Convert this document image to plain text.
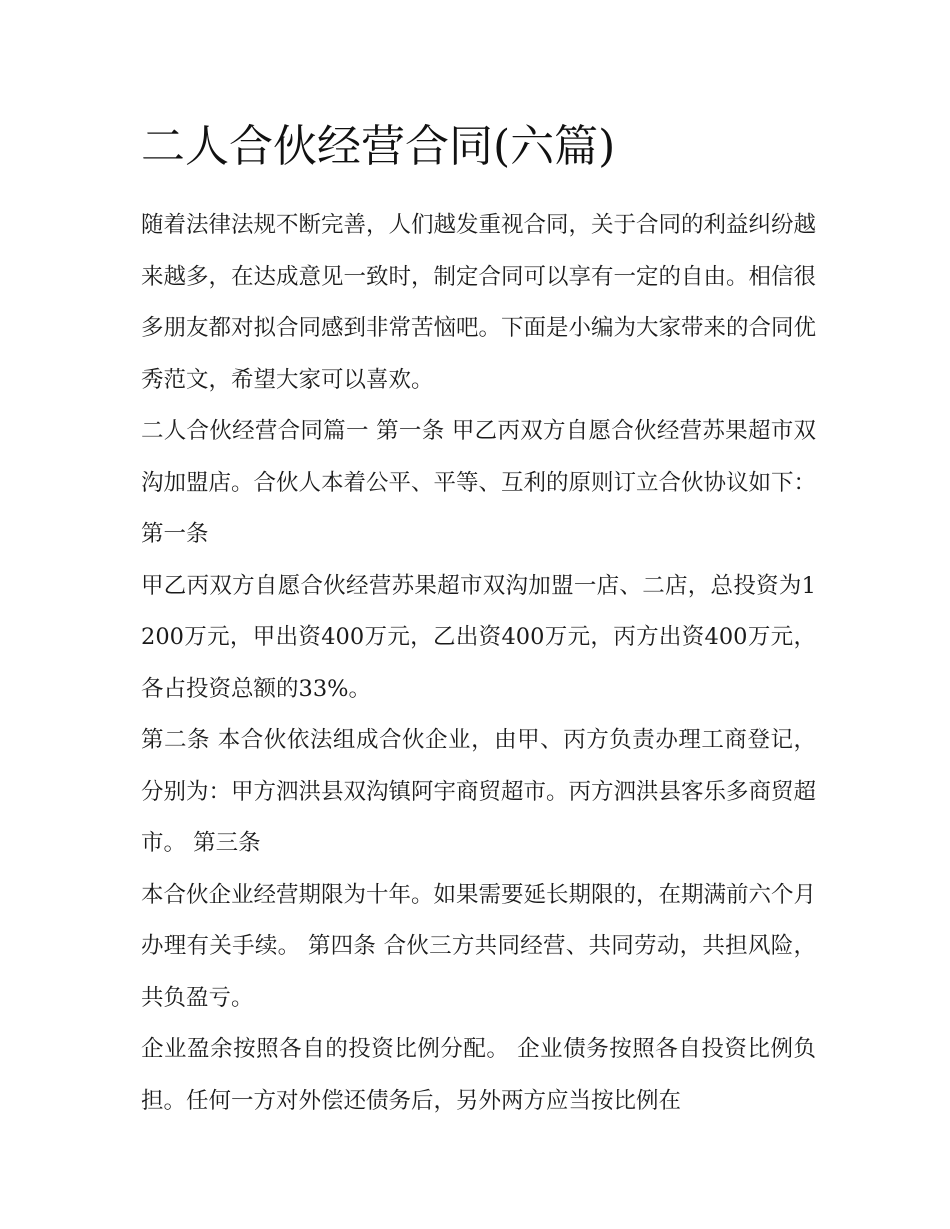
二人合伙经营合同(六篇)

随着法律法规不断完善，人们越发重视合同，关于合同的利益纠纷越来越多，在达成意见一致时，制定合同可以享有一定的自由。相信很多朋友都对拟合同感到非常苦恼吧。下面是小编为大家带来的合同优秀范文，希望大家可以喜欢。

二人合伙经营合同篇一 第一条 甲乙丙双方自愿合伙经营苏果超市双沟加盟店。合伙人本着公平、平等、互利的原则订立合伙协议如下： 第一条

甲乙丙双方自愿合伙经营苏果超市双沟加盟一店、二店，总投资为1200万元，甲出资400万元，乙出资400万元，丙方出资400万元，各占投资总额的33%。

第二条 本合伙依法组成合伙企业，由甲、丙方负责办理工商登记，分别为：甲方泗洪县双沟镇阿宇商贸超市。丙方泗洪县客乐多商贸超市。 第三条

本合伙企业经营期限为十年。如果需要延长期限的，在期满前六个月办理有关手续。 第四条 合伙三方共同经营、共同劳动，共担风险，共负盈亏。

企业盈余按照各自的投资比例分配。 企业债务按照各自投资比例负担。任何一方对外偿还债务后，另外两方应当按比例在
